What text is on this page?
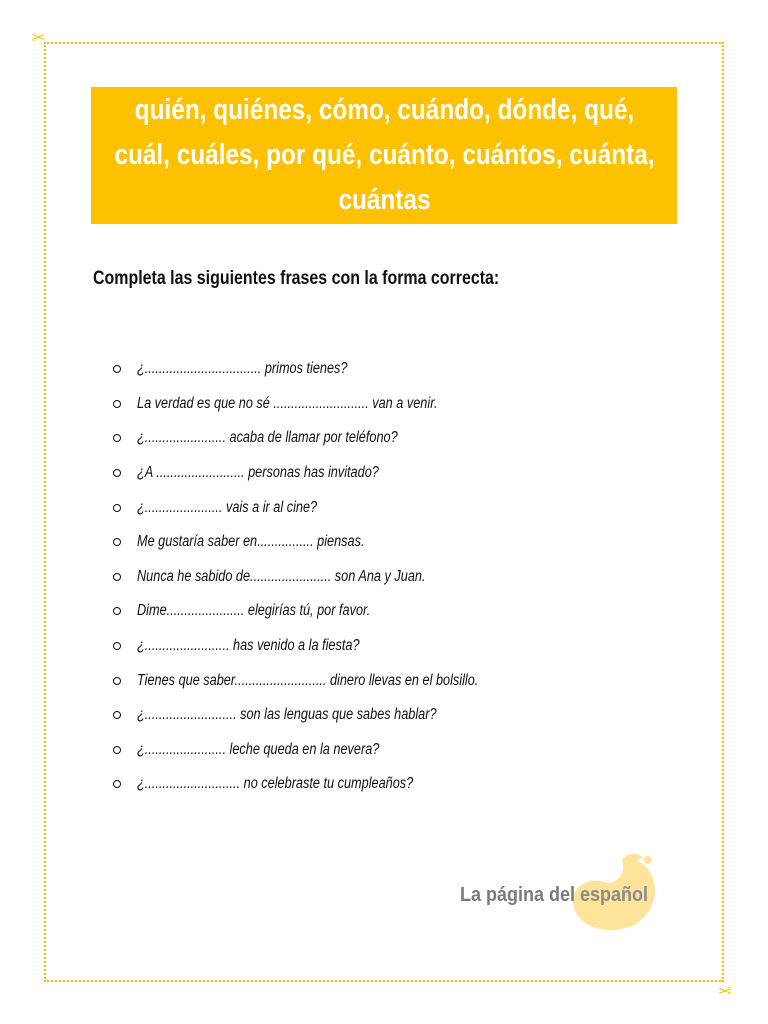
✂
✂
quién, quiénes, cómo, cuándo, dónde, qué,
cuál, cuáles, por qué, cuánto, cuántos, cuánta,
cuántas
Completa las siguientes frases con la forma correcta:
¿................................. primos tienes?
La verdad es que no sé ........................... van a venir.
¿....................... acaba de llamar por teléfono?
¿A ......................... personas has invitado?
¿...................... vais a ir al cine?
Me gustaría saber en................ piensas.
Nunca he sabido de....................... son Ana y Juan.
Dime...................... elegirías tú, por favor.
¿........................ has venido a la fiesta?
Tienes que saber.......................... dinero llevas en el bolsillo.
¿.......................... son las lenguas que sabes hablar?
¿....................... leche queda en la nevera?
¿........................... no celebraste tu cumpleaños?
La página del español
